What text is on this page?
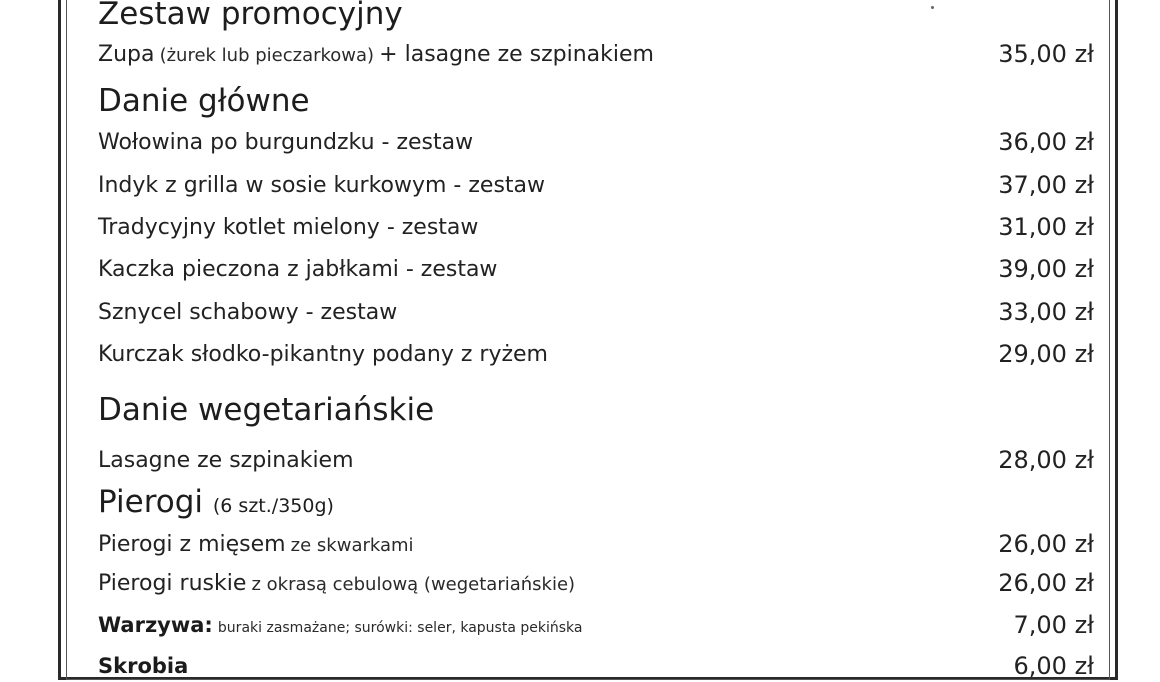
Zestaw promocyjny
Zupa (żurek lub pieczarkowa) + lasagne ze szpinakiem	35,00 zł
Danie główne
Wołowina po burgundzku - zestaw	36,00 zł
Indyk z grilla w sosie kurkowym - zestaw	37,00 zł
Tradycyjny kotlet mielony - zestaw	31,00 zł
Kaczka pieczona z jabłkami - zestaw	39,00 zł
Sznycel schabowy - zestaw	33,00 zł
Kurczak słodko-pikantny podany z ryżem	29,00 zł
Danie wegetariańskie
Lasagne ze szpinakiem	28,00 zł
Pierogi (6 szt./350g)
Pierogi z mięsem ze skwarkami	26,00 zł
Pierogi ruskie z okrasą cebulową (wegetariańskie)	26,00 zł
Warzywa: buraki zasmażane; surówki: seler, kapusta pekińska	7,00 zł
Skrobia	6,00 zł
